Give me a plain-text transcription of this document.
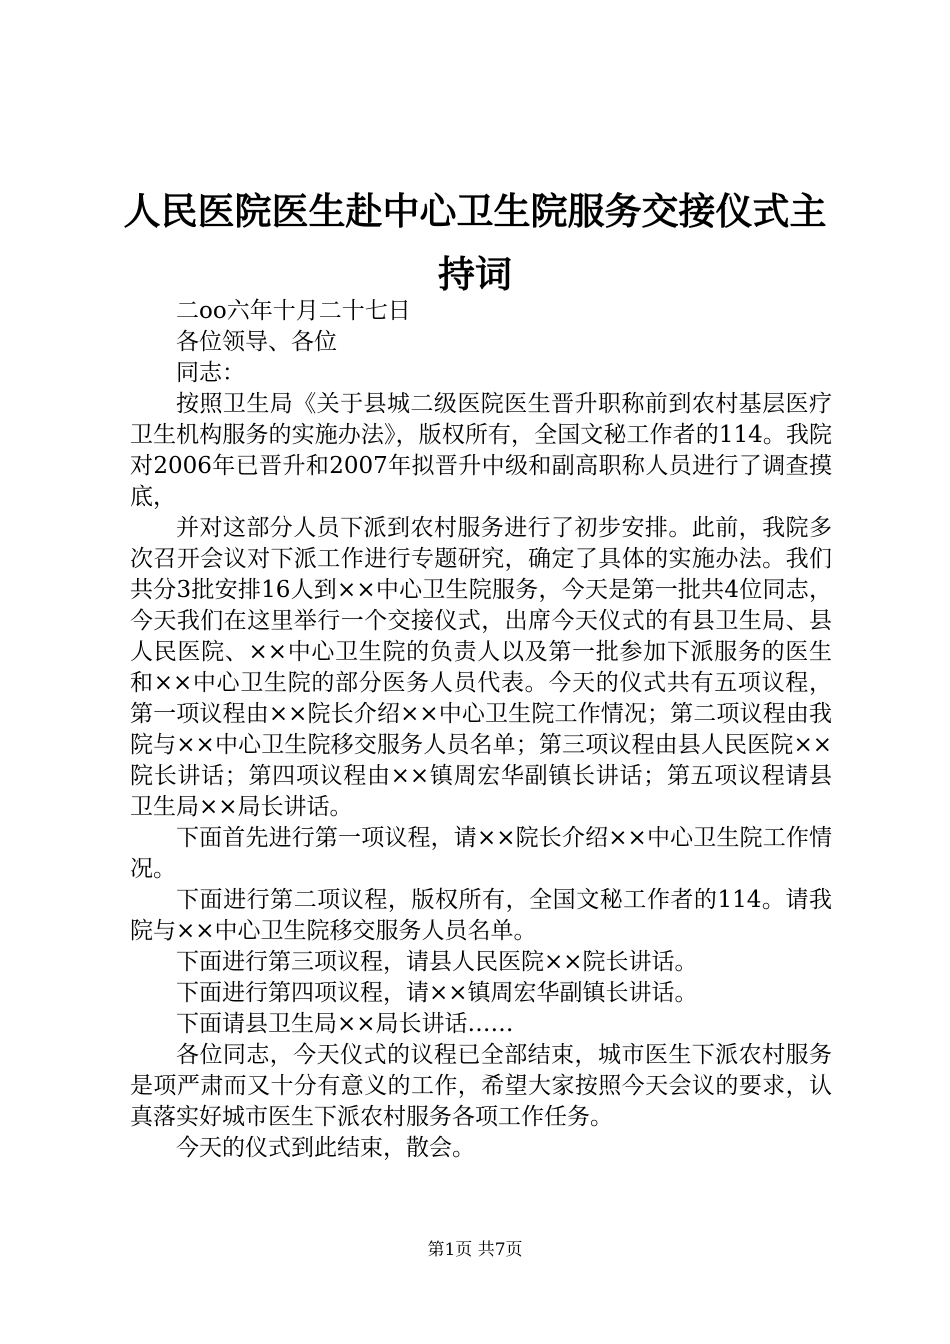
人民医院医生赴中心卫生院服务交接仪式主持词

二oo六年十月二十七日

各位领导、各位

同志：

按照卫生局《关于县城二级医院医生晋升职称前到农村基层医疗卫生机构服务的实施办法》，版权所有，全国文秘工作者的114。我院对2006年已晋升和2007年拟晋升中级和副高职称人员进行了调查摸底，

并对这部分人员下派到农村服务进行了初步安排。此前，我院多次召开会议对下派工作进行专题研究，确定了具体的实施办法。我们共分3批安排16人到××中心卫生院服务，今天是第一批共4位同志，今天我们在这里举行一个交接仪式，出席今天仪式的有县卫生局、县人民医院、××中心卫生院的负责人以及第一批参加下派服务的医生和××中心卫生院的部分医务人员代表。今天的仪式共有五项议程，第一项议程由××院长介绍××中心卫生院工作情况；第二项议程由我院与××中心卫生院移交服务人员名单；第三项议程由县人民医院××院长讲话；第四项议程由××镇周宏华副镇长讲话；第五项议程请县卫生局××局长讲话。

下面首先进行第一项议程，请××院长介绍××中心卫生院工作情况。

下面进行第二项议程，版权所有，全国文秘工作者的114。请我院与××中心卫生院移交服务人员名单。

下面进行第三项议程，请县人民医院××院长讲话。

下面进行第四项议程，请××镇周宏华副镇长讲话。

下面请县卫生局××局长讲话……

各位同志，今天仪式的议程已全部结束，城市医生下派农村服务是项严肃而又十分有意义的工作，希望大家按照今天会议的要求，认真落实好城市医生下派农村服务各项工作任务。

今天的仪式到此结束，散会。

第1页 共7页
